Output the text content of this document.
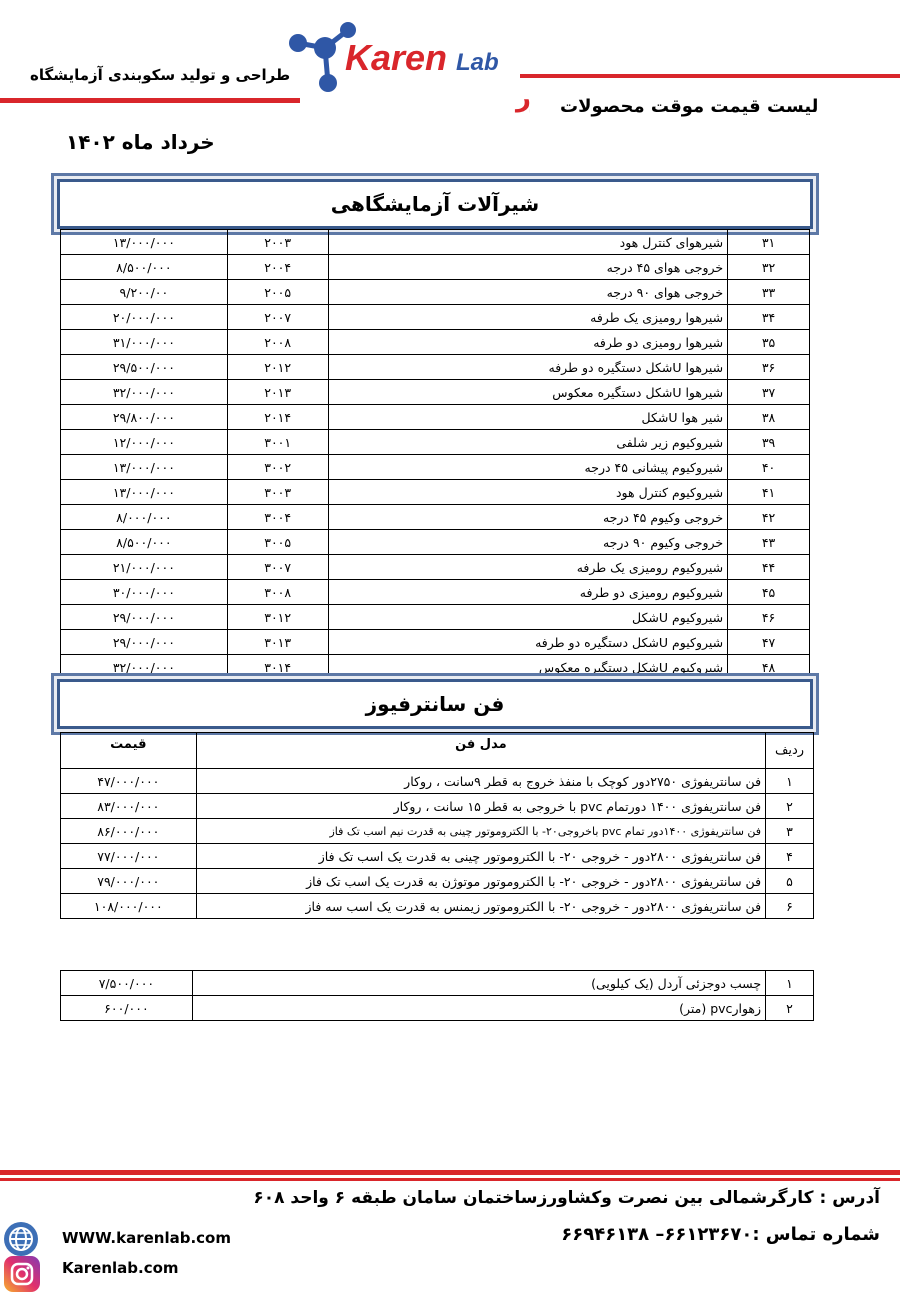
طراحی و تولید سکوبندی آزمایشگاه Karen Lab
ر	لیست قیمت موقت محصولات
خرداد ماه ۱۴۰۲
شیرآلات آزمایشگاهی
۱۳/۰۰۰/۰۰۰	۲۰۰۳	شیرهوای کنترل هود	۳۱
۸/۵۰۰/۰۰۰	۲۰۰۴	خروجی هوای ۴۵ درجه	۳۲
۹/۲۰۰/۰۰	۲۰۰۵	خروجی هوای ۹۰ درجه	۳۳
۲۰/۰۰۰/۰۰۰	۲۰۰۷	شیرهوا رومیزی یک طرفه	۳۴
۳۱/۰۰۰/۰۰۰	۲۰۰۸	شیرهوا رومیزی دو طرفه	۳۵
۲۹/۵۰۰/۰۰۰	۲۰۱۲	شیرهوا Uشکل دستگیره دو طرفه	۳۶
۳۲/۰۰۰/۰۰۰	۲۰۱۳	شیرهوا Uشکل دستگیره معکوس	۳۷
۲۹/۸۰۰/۰۰۰	۲۰۱۴	شیر هوا Uشکل	۳۸
۱۲/۰۰۰/۰۰۰	۳۰۰۱	شیروکیوم زیر شلفی	۳۹
۱۳/۰۰۰/۰۰۰	۳۰۰۲	شیروکیوم پیشانی ۴۵ درجه	۴۰
۱۳/۰۰۰/۰۰۰	۳۰۰۳	شیروکیوم کنترل هود	۴۱
۸/۰۰۰/۰۰۰	۳۰۰۴	خروجی وکیوم ۴۵ درجه	۴۲
۸/۵۰۰/۰۰۰	۳۰۰۵	خروجی وکیوم ۹۰ درجه	۴۳
۲۱/۰۰۰/۰۰۰	۳۰۰۷	شیروکیوم رومیزی یک طرفه	۴۴
۳۰/۰۰۰/۰۰۰	۳۰۰۸	شیروکیوم رومیزی دو طرفه	۴۵
۲۹/۰۰۰/۰۰۰	۳۰۱۲	شیروکیوم Uشکل	۴۶
۲۹/۰۰۰/۰۰۰	۳۰۱۳	شیروکیوم Uشکل دستگیره دو طرفه	۴۷
۳۲/۰۰۰/۰۰۰	۳۰۱۴	شیروکیوم Uشکل دستگیره معکوس	۴۸
فن سانترفیوز
قیمت	مدل فن	ردیف
۴۷/۰۰۰/۰۰۰	فن سانتریفوژی ۲۷۵۰دور کوچک با منفذ خروج به قطر ۹سانت ، روکار	۱
۸۳/۰۰۰/۰۰۰	فن سانتریفوژی ۱۴۰۰ دورتمام pvc با خروجی به قطر ۱۵ سانت ، روکار	۲
۸۶/۰۰۰/۰۰۰	فن سانتریفوژی ۱۴۰۰دور تمام pvc باخروجی۲۰- با الکتروموتور چینی به قدرت نیم اسب تک فاز	۳
۷۷/۰۰۰/۰۰۰	فن سانتریفوژی ۲۸۰۰دور - خروجی ۲۰- با الکتروموتور چینی به قدرت یک اسب تک فاز	۴
۷۹/۰۰۰/۰۰۰	فن سانتریفوژی ۲۸۰۰دور - خروجی ۲۰- با الکتروموتور موتوژن به قدرت یک اسب تک فاز	۵
۱۰۸/۰۰۰/۰۰۰	فن سانتریفوژی ۲۸۰۰دور - خروجی ۲۰- با الکتروموتور زیمنس به قدرت یک اسب سه فاز	۶
۷/۵۰۰/۰۰۰	چسب دوجزئی آردل (یک کیلویی)	۱
۶۰۰/۰۰۰	زهوارpvc (متر)	۲
آدرس : کارگرشمالی بین نصرت وکشاورزساختمان سامان طبقه ۶ واحد ۶۰۸
شماره تماس :۶۶۱۲۳۶۷۰– ۶۶۹۴۶۱۳۸
WWW.karenlab.com
Karenlab.com
